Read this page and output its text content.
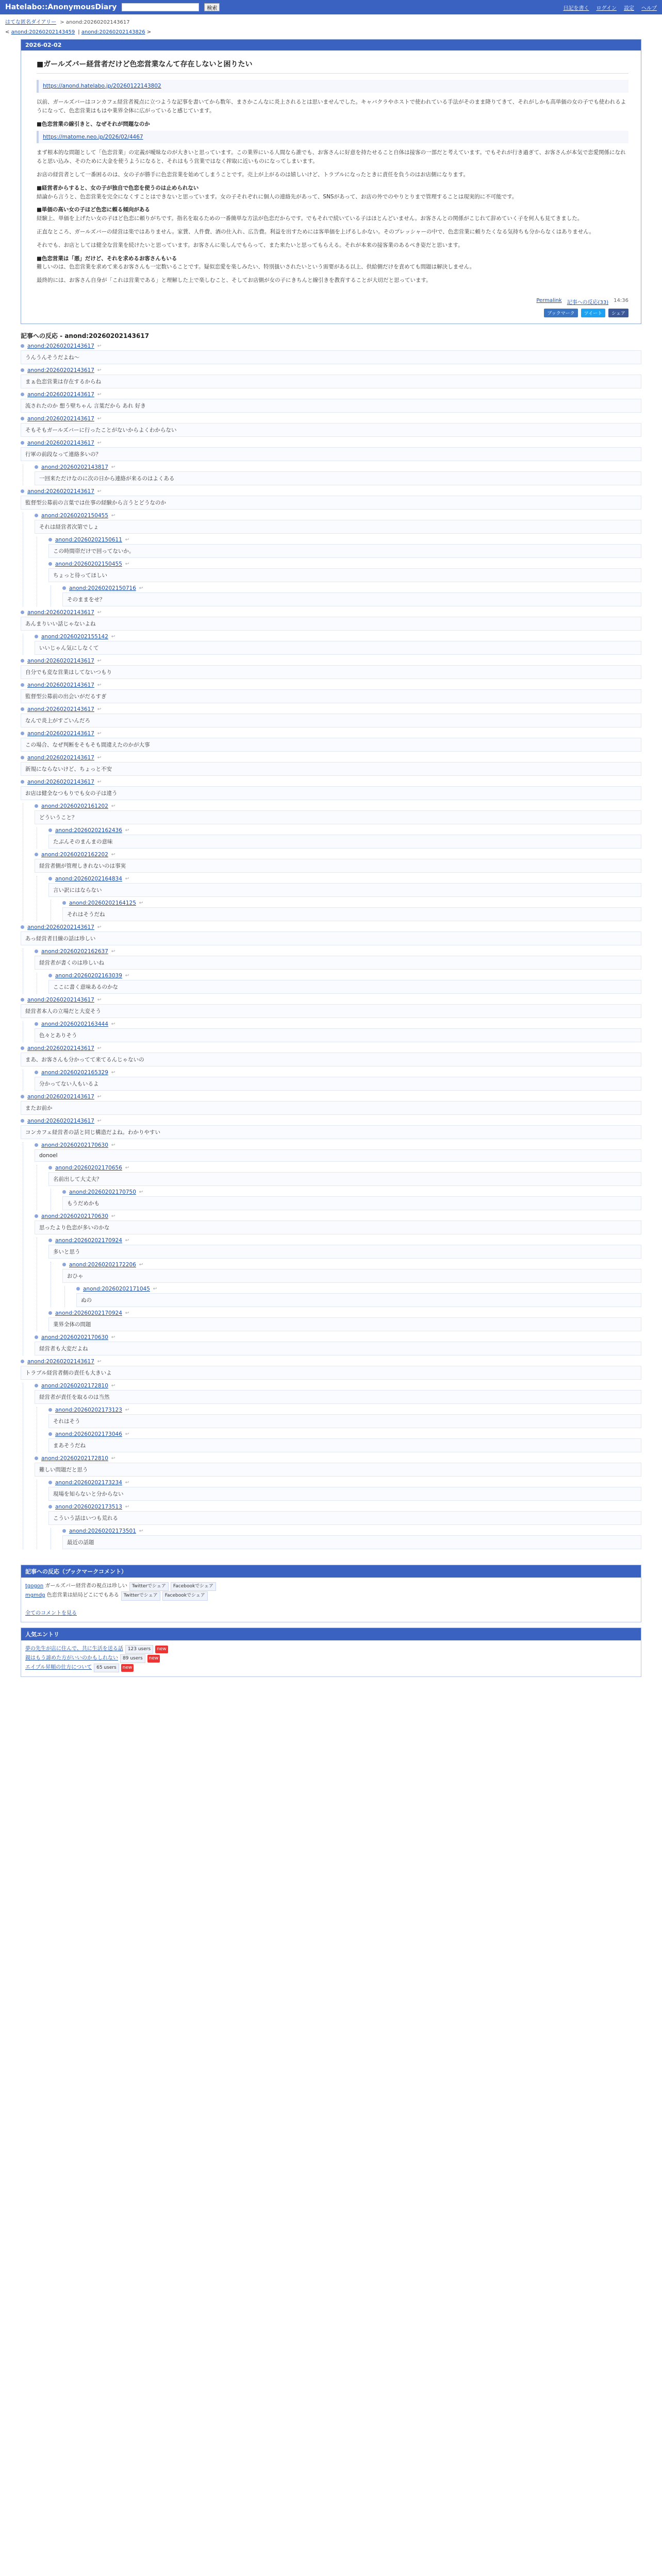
Hatelabo::AnonymousDiary	検索	日記を書く ログイン 設定 ヘルプ
はてな匿名ダイアリー > anond:20260202143617
< anond:20260202143459 | anond:20260202143826 >
2026-02-02
■ガールズバー経営者だけど色恋営業なんて存在しないと困りたい
https://anond.hatelabo.jp/20260122143802

以前、ガールズバーはコンカフェ経営者視点に立つような記事を書いてから数年、まさかこんなに炎上されるとは思いませんでした。キャバクラやホストで使われている手法がそのまま降りてきて、それがしかも高単価の女の子でも使われるようになって、色恋営業はもはや業界全体に広がっていると感じています。

■色恋営業の線引きと、なぜそれが問題なのか
https://matome.neo.jp/2026/02/4467

まず根本的な問題として「色恋営業」の定義が曖昧なのが大きいと思っています。この業界にいる人間なら誰でも、お客さんに好意を持たせること自体は接客の一部だと考えています。でもそれが行き過ぎて、お客さんが本気で恋愛関係になれると思い込み、そのために大金を使うようになると、それはもう営業ではなく搾取に近いものになってしまいます。

お店の経営者として一番困るのは、女の子が勝手に色恋営業を始めてしまうことです。売上が上がるのは嬉しいけど、トラブルになったときに責任を負うのはお店側になります。

■経営者からすると、女の子が独自で色恋を使うのは止められない

結論から言うと、色恋営業を完全になくすことはできないと思っています。女の子それぞれに個人の連絡先があって、SNSがあって、お店の外でのやりとりまで管理することは現実的に不可能です。

■単価の高い女の子ほど色恋に頼る傾向がある

経験上、単価を上げたい女の子ほど色恋に頼りがちです。指名を取るための一番簡単な方法が色恋だからです。でもそれで続いている子はほとんどいません。お客さんとの関係がこじれて辞めていく子を何人も見てきました。

正直なところ、ガールズバーの経営は楽ではありません。家賃、人件費、酒の仕入れ、広告費。利益を出すためには客単価を上げるしかない。そのプレッシャーの中で、色恋営業に頼りたくなる気持ちも分からなくはありません。

それでも、お店としては健全な営業を続けたいと思っています。お客さんに楽しんでもらって、また来たいと思ってもらえる。それが本来の接客業のあるべき姿だと思います。

■色恋営業は「悪」だけど、それを求めるお客さんもいる

難しいのは、色恋営業を求めて来るお客さんも一定数いることです。疑似恋愛を楽しみたい、特別扱いされたいという需要がある以上、供給側だけを責めても問題は解決しません。

最終的には、お客さん自身が「これは営業である」と理解した上で楽しむこと、そしてお店側が女の子にきちんと線引きを教育することが大切だと思っています。

Permalink 記事への反応(33) 14:36
ブックマーク	ツイート	シェア
記事への反応 - anond:20260202143617
anond:20260202143617 ↩
うんうんそうだよね〜
anond:20260202143617 ↩
まぁ色恋営業は存在するからね
anond:20260202143617 ↩
流されたのか 想う壁ちゃん 言葉だから あれ 好き
anond:20260202143617 ↩
そもそもガールズバーに行ったことがないからよくわからない
anond:20260202143617 ↩
行軍の前段なって連絡多いの？
anond:20260202143817 ↩
一回来ただけなのに次の日から連絡が来るのはよくある
anond:20260202143617 ↩
監督型公募前の言葉では仕事の経験から言うとどうなのか
anond:20260202150455 ↩
それは経営者次第でしょ
anond:20260202150611 ↩
この時間帯だけで回ってないか。
anond:20260202150455 ↩
ちょっと待ってほしい
anond:20260202150716 ↩
そのままをせ？
anond:20260202143617 ↩
あんまりいい話じゃないよね
anond:20260202155142 ↩
いいじゃん気にしなくて
anond:20260202143617 ↩
自分でも変な営業はしてないつもり
anond:20260202143617 ↩
監督型公募前の出会いがだるすぎ
anond:20260202143617 ↩
なんで炎上がすごいんだろ
anond:20260202143617 ↩
この場合、なぜ判断をそもそも間違えたのかが大事
anond:20260202143617 ↩
新規にならないけど、ちょっと不安
anond:20260202143617 ↩
お店は健全なつもりでも女の子は違う
anond:20260202161202 ↩
どういうこと？
anond:20260202162436 ↩
たぶんそのまんまの意味
anond:20260202162202 ↩
経営者側が管理しきれないのは事実
anond:20260202164834 ↩
言い訳にはならない
anond:20260202164125 ↩
それはそうだね
anond:20260202143617 ↩
あっ経営者目線の話は珍しい
anond:20260202162637 ↩
経営者が書くのは珍しいね
anond:20260202163039 ↩
ここに書く意味あるのかな
anond:20260202143617 ↩
経営者本人の立場だと大変そう
anond:20260202163444 ↩
色々とありそう
anond:20260202143617 ↩
まあ、お客さんも分かってて来てるんじゃないの
anond:20260202165329 ↩
分かってない人もいるよ
anond:20260202143617 ↩
またお前か
anond:20260202143617 ↩
コンカフェ経営者の話と同じ構造だよね。わかりやすい
anond:20260202170630 ↩
donoel
anond:20260202170656 ↩
名前出して大丈夫？
anond:20260202170750 ↩
もうだめかも
anond:20260202170630 ↩
思ったより色恋が多いのかな
anond:20260202170924 ↩
多いと思う
anond:20260202172206 ↩
おひゃ
anond:20260202171045 ↩
ぬの
anond:20260202170924 ↩
業界全体の問題
anond:20260202170630 ↩
経営者も大変だよね
anond:20260202143617 ↩
トラブル経営者側の責任も大きいよ
anond:20260202172810 ↩
経営者が責任を取るのは当然
anond:20260202173123 ↩
それはそう
anond:20260202173046 ↩
まあそうだね
anond:20260202172810 ↩
難しい問題だと思う
anond:20260202173234 ↩
現場を知らないと分からない
anond:20260202173513 ↩
こういう話はいつも荒れる
anond:20260202173501 ↩
最近の話題
記事への反応（ブックマークコメント）
tgogon ガールズバー経営者の視点は珍しい Twitterでシェア Facebookでシェア
mgmdg 色恋営業は結局どこにでもある Twitterでシェア Facebookでシェア
全てのコメントを見る
人気エントリ
夢の先生が店に住んで、共に生活を送る話 123 users new
親はもう諦めた方がいいのかもしれない 89 users new
エイプル昇順の仕方について 65 users new
